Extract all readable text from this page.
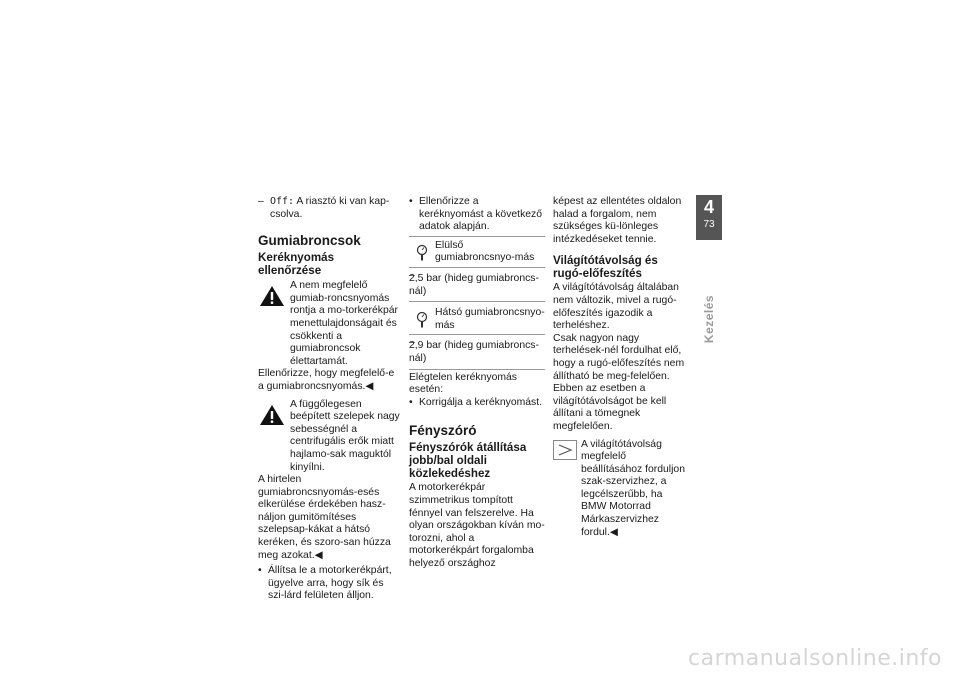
– Off: A riasztó ki van kap-csolva.

Gumiabroncsok
Keréknyomás ellenőrzése

A nem megfelelő gumiab-roncsnyomás rontja a mo-torkerékpár menettulajdonságait és csökkenti a gumiabroncsok élettartamát.

Ellenőrizze, hogy megfelelő-e a gumiabroncsnyomás.◀

A függőlegesen beépített szelepek nagy sebességnél a centrifugális erők miatt hajlamo-sak maguktól kinyílni.

A hirtelen gumiabroncsnyomás-esés elkerülése érdekében hasz-náljon gumitömítéses szelepsap-kákat a hátsó keréken, és szoro-san húzza meg azokat.◀

• Állítsa le a motorkerékpárt, ügyelve arra, hogy sík és szi-lárd felületen álljon.

• Ellenőrizze a keréknyomást a következő adatok alapján.

Elülső gumiabroncsnyo-más

– 2,5 bar (hideg gumiabroncs-nál)

Hátsó gumiabroncsnyo-más

– 2,9 bar (hideg gumiabroncs-nál)

Elégtelen keréknyomás esetén:

• Korrigálja a keréknyomást.

Fényszóró
Fényszórók átállítása jobb/bal oldali közlekedéshez

A motorkerékpár szimmetrikus tompított fénnyel van felszerelve. Ha olyan országokban kíván mo-torozni, ahol a motorkerékpárt forgalomba helyező országhoz

képest az ellentétes oldalon halad a forgalom, nem szükséges kü-lönleges intézkedéseket tennie.

Világítótávolság és rugó-előfeszítés

A világítótávolság általában nem változik, mivel a rugó-előfeszítés igazodik a terheléshez.

Csak nagyon nagy terhelések-nél fordulhat elő, hogy a rugó-előfeszítés nem állítható be meg-felelően. Ebben az esetben a világítótávolságot be kell állítani a tömegnek megfelelően.

A világítótávolság megfelelő beállításához forduljon szak-szervizhez, a legcélszerűbb, ha BMW Motorrad Márkaszervizhez fordul.◀

4
73
Kezelés
carmanualsonline.info
